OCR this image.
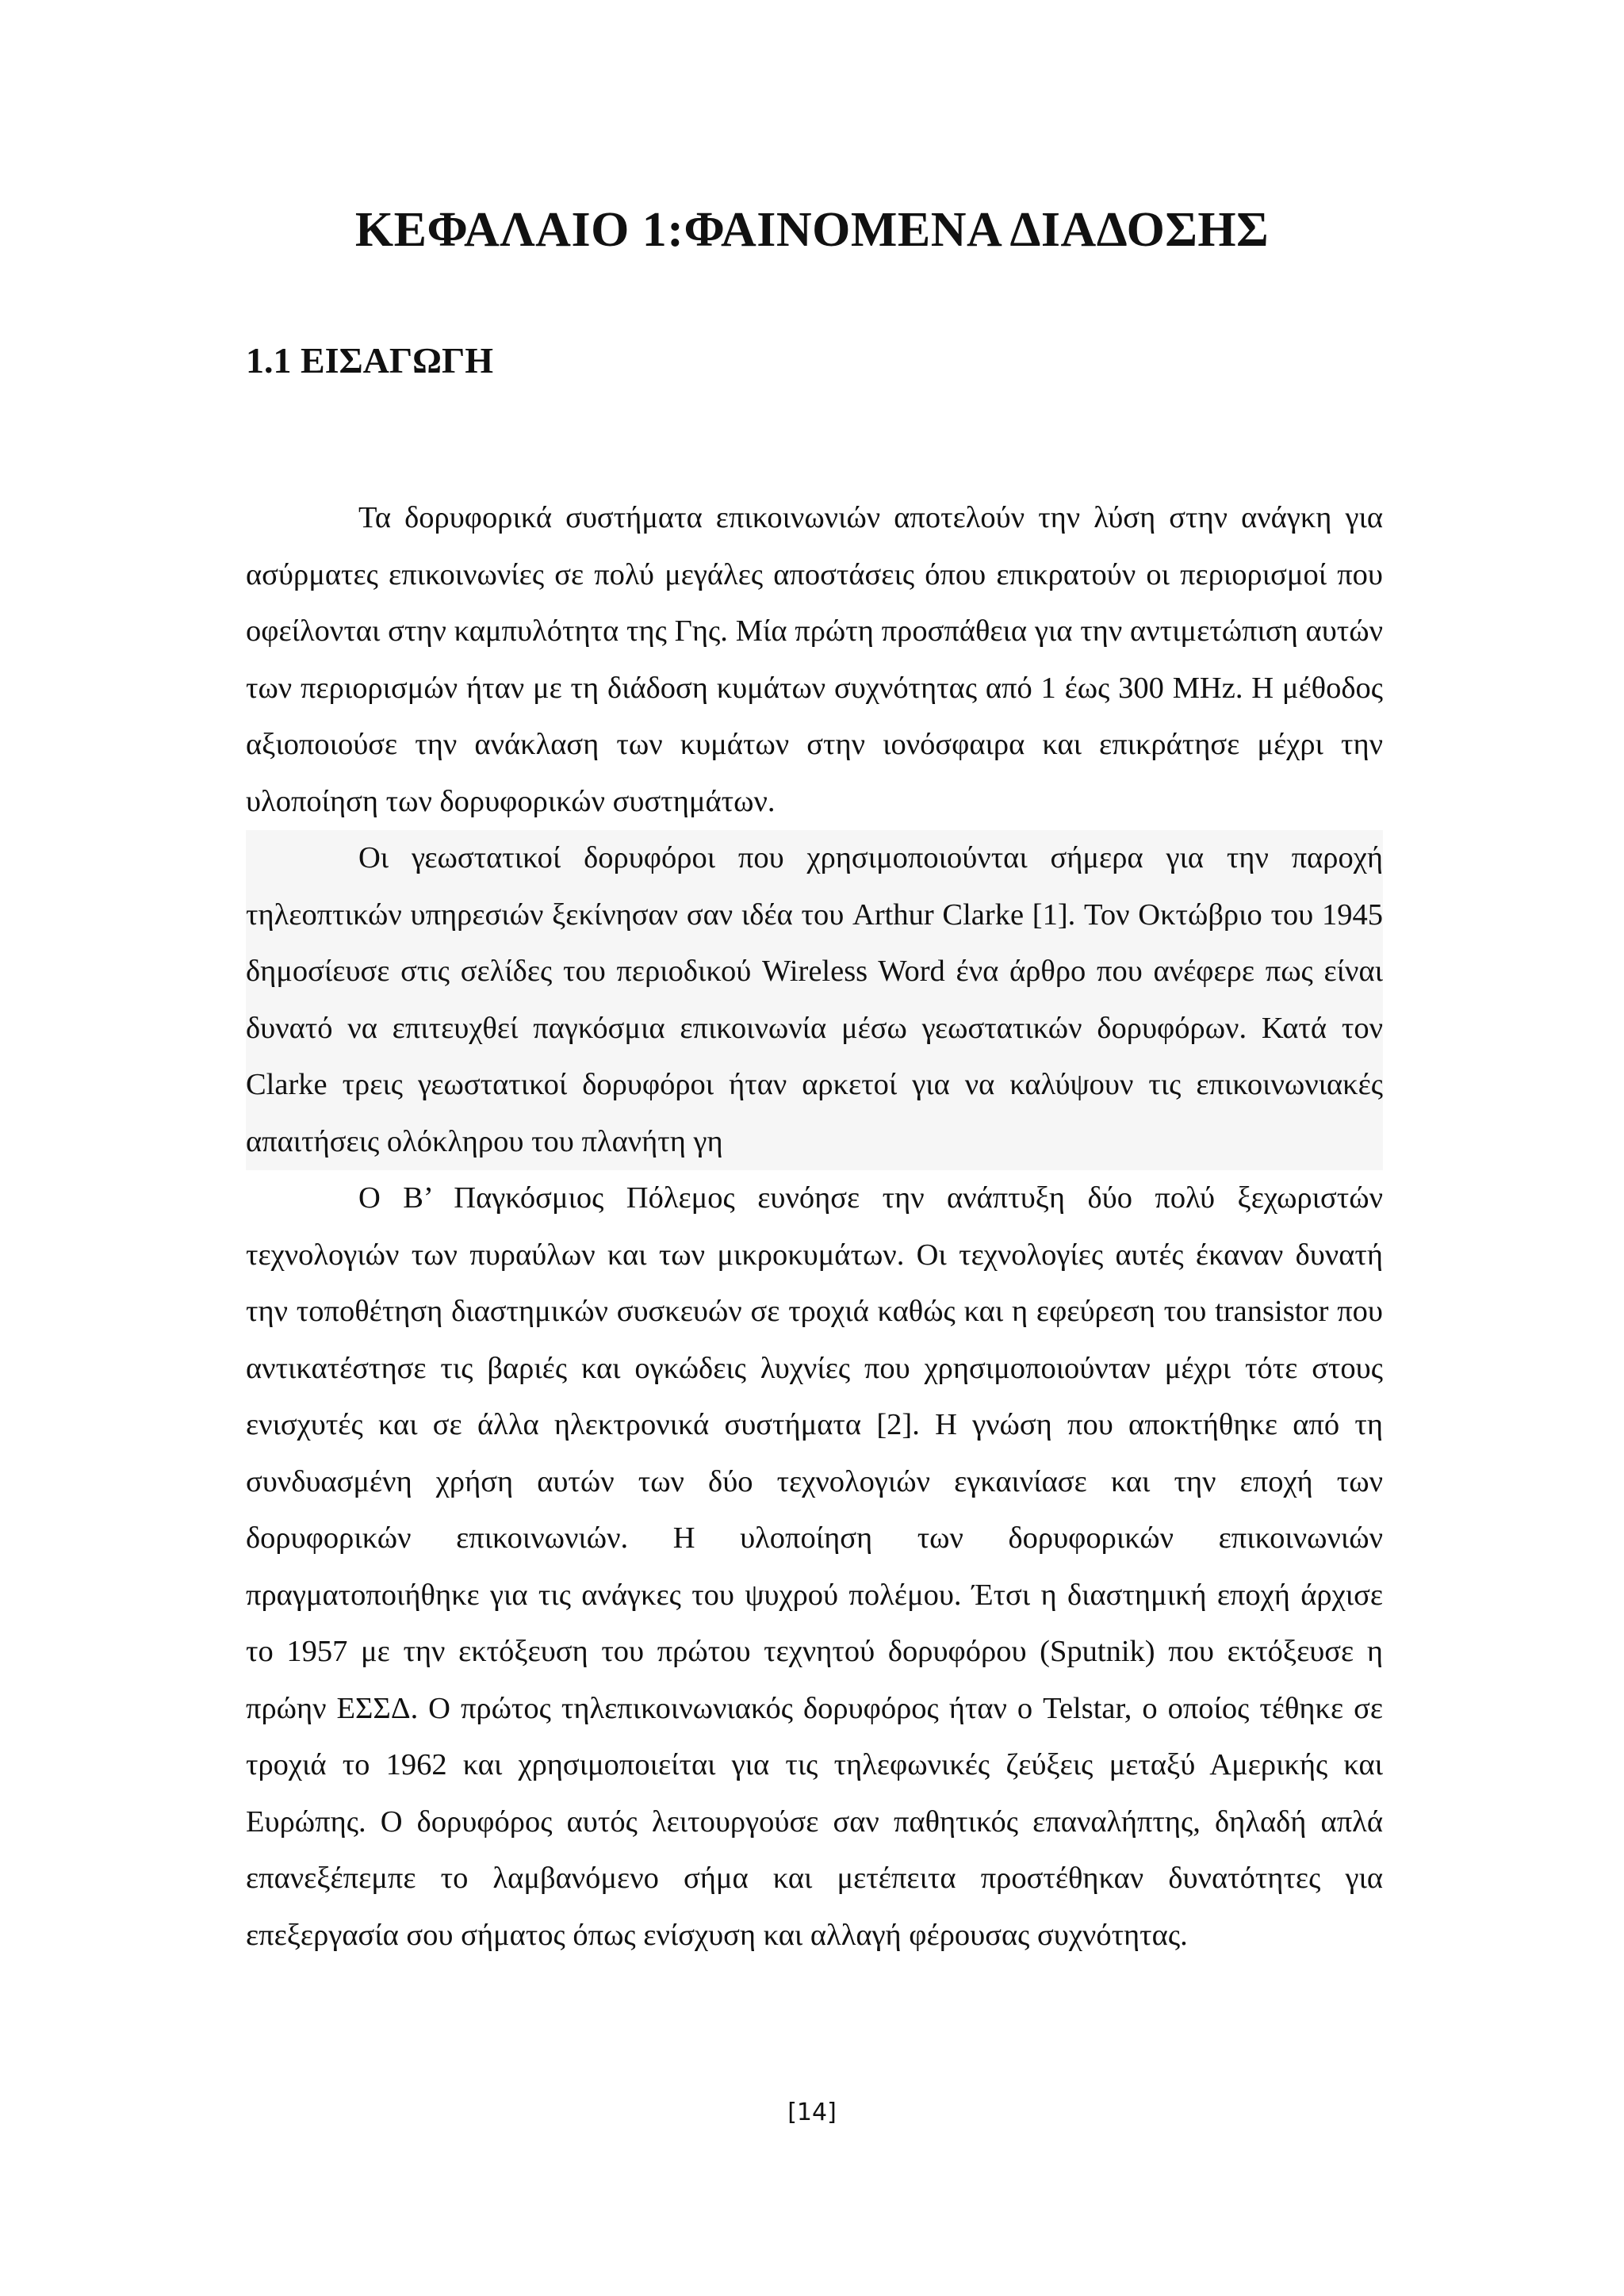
ΚΕΦΑΛΑΙΟ 1:ΦΑΙΝΟΜΕΝΑ ΔΙΑΔΟΣΗΣ
1.1 ΕΙΣΑΓΩΓΗ

Τα δορυφορικά συστήματα επικοινωνιών αποτελούν την λύση στην ανάγκη για ασύρματες επικοινωνίες σε πολύ μεγάλες αποστάσεις όπου επικρατούν οι περιορισμοί που οφείλονται στην καμπυλότητα της Γης. Μία πρώτη προσπάθεια για την αντιμετώπιση αυτών των περιορισμών ήταν με τη διάδοση κυμάτων συχνότητας από 1 έως 300 MHz. Η μέθοδος αξιοποιούσε την ανάκλαση των κυμάτων στην ιονόσφαιρα και επικράτησε μέχρι την υλοποίηση των δορυφορικών συστημάτων.

Οι γεωστατικοί δορυφόροι που χρησιμοποιούνται σήμερα για την παροχή τηλεοπτικών υπηρεσιών ξεκίνησαν σαν ιδέα του Arthur Clarke [1]. Τον Οκτώβριο του 1945 δημοσίευσε στις σελίδες του περιοδικού Wireless Word ένα άρθρο που ανέφερε πως είναι δυνατό να επιτευχθεί παγκόσμια επικοινωνία μέσω γεωστατικών δορυφόρων. Κατά τον Clarke τρεις γεωστατικοί δορυφόροι ήταν αρκετοί για να καλύψουν τις επικοινωνιακές απαιτήσεις ολόκληρου του πλανήτη γη

Ο Β’ Παγκόσμιος Πόλεμος ευνόησε την ανάπτυξη δύο πολύ ξεχωριστών τεχνολογιών των πυραύλων και των μικροκυμάτων. Οι τεχνολογίες αυτές έκαναν δυνατή την τοποθέτηση διαστημικών συσκευών σε τροχιά καθώς και η εφεύρεση του transistor που αντικατέστησε τις βαριές και ογκώδεις λυχνίες που χρησιμοποιούνταν μέχρι τότε στους ενισχυτές και σε άλλα ηλεκτρονικά συστήματα [2]. Η γνώση που αποκτήθηκε από τη συνδυασμένη χρήση αυτών των δύο τεχνολογιών εγκαινίασε και την εποχή των δορυφορικών επικοινωνιών. Η υλοποίηση των δορυφορικών επικοινωνιών πραγματοποιήθηκε για τις ανάγκες του ψυχρού πολέμου. Έτσι η διαστημική εποχή άρχισε το 1957 με την εκτόξευση του πρώτου τεχνητού δορυφόρου (Sputnik) που εκτόξευσε η πρώην ΕΣΣΔ. Ο πρώτος τηλεπικοινωνιακός δορυφόρος ήταν ο Telstar, ο οποίος τέθηκε σε τροχιά το 1962 και χρησιμοποιείται για τις τηλεφωνικές ζεύξεις μεταξύ Αμερικής και Ευρώπης. Ο δορυφόρος αυτός λειτουργούσε σαν παθητικός επαναλήπτης, δηλαδή απλά επανεξέπεμπε το λαμβανόμενο σήμα και μετέπειτα προστέθηκαν δυνατότητες για επεξεργασία σου σήματος όπως ενίσχυση και αλλαγή φέρουσας συχνότητας.

[14]
